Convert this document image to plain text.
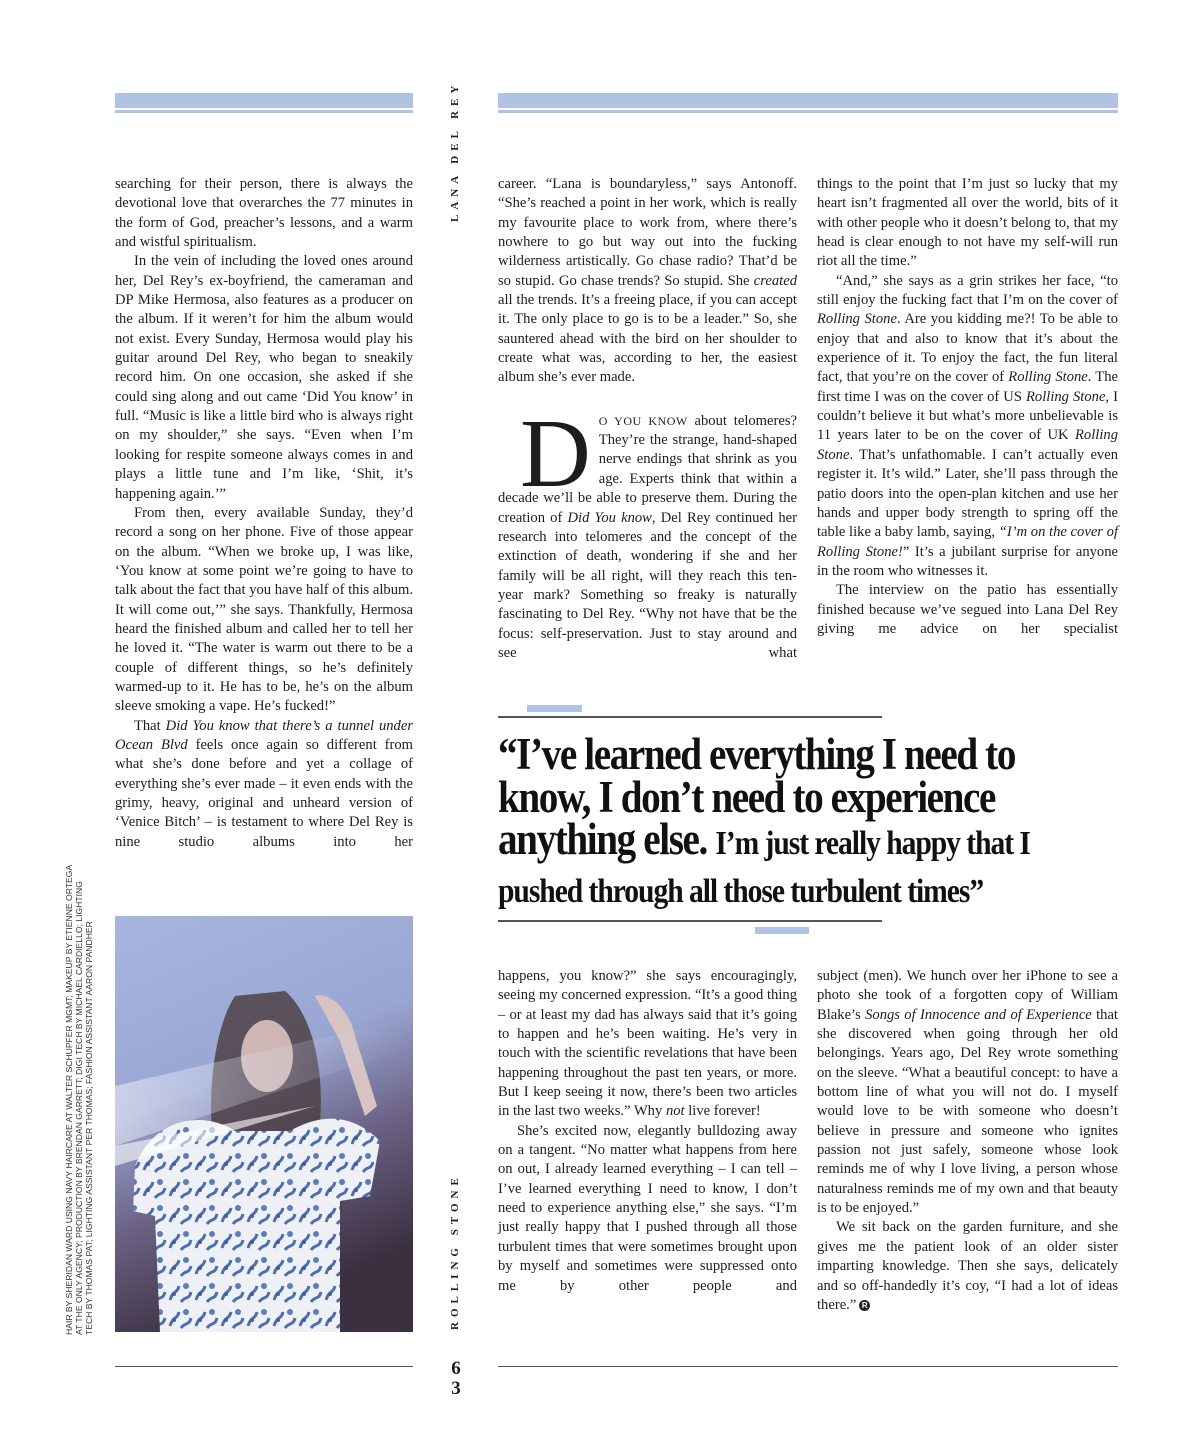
LANA DEL REY
ROLLING STONE

searching for their person, there is always the devotional love that overarches the 77 minutes in the form of God, preacher’s lessons, and a warm and wistful spiritualism.

In the vein of including the loved ones around her, Del Rey’s ex-boyfriend, the cameraman and DP Mike Hermosa, also features as a producer on the album. If it weren’t for him the album would not exist. Every Sunday, Hermosa would play his guitar around Del Rey, who began to sneakily record him. On one occasion, she asked if she could sing along and out came ‘Did You know’ in full. “Music is like a little bird who is always right on my shoulder,” she says. “Even when I’m looking for respite someone always comes in and plays a little tune and I’m like, ‘Shit, it’s happening again.’”

From then, every available Sunday, they’d record a song on her phone. Five of those appear on the album. “When we broke up, I was like, ‘You know at some point we’re going to have to talk about the fact that you have half of this album. It will come out,’” she says. Thankfully, Hermosa heard the finished album and called her to tell her he loved it. “The water is warm out there to be a couple of different things, so he’s definitely warmed-up to it. He has to be, he’s on the album sleeve smoking a vape. He’s fucked!”

That Did You know that there’s a tunnel under Ocean Blvd feels once again so different from what she’s done before and yet a collage of everything she’s ever made – it even ends with the grimy, heavy, original and unheard version of ‘Venice Bitch’ – is testament to where Del Rey is nine studio albums into her

HAIR BY SHERIDAN WARD USING NAVY HAIRCARE AT WALTER SCHUPFER MGMT; MAKEUP BY ETIENNE ORTEGA AT THE ONLY AGENCY; PRODUCTION BY BRENDAN GARRETT; DIGI TECH BY MICHAEL CARDIELLO; LIGHTING TECH BY THOMAS PAT; LIGHTING ASSISTANT PER THOMAS; FASHION ASSISTANT AARON PANDHER

career. “Lana is boundaryless,” says Antonoff. “She’s reached a point in her work, which is really my favourite place to work from, where there’s nowhere to go but way out into the fucking wilderness artistically. Go chase radio? That’d be so stupid. Go chase trends? So stupid. She created all the trends. It’s a freeing place, if you can accept it. The only place to go is to be a leader.” So, she sauntered ahead with the bird on her shoulder to create what was, according to her, the easiest album she’s ever made.

D O YOU KNOW about telomeres? They’re the strange, hand-shaped nerve endings that shrink as you age. Experts think that within a decade we’ll be able to preserve them. During the creation of Did You know, Del Rey continued her research into telomeres and the concept of the extinction of death, wondering if she and her family will be all right, will they reach this ten-year mark? Something so freaky is naturally fascinating to Del Rey. “Why not have that be the focus: self-preservation. Just to stay around and see what

things to the point that I’m just so lucky that my heart isn’t fragmented all over the world, bits of it with other people who it doesn’t belong to, that my head is clear enough to not have my self-will run riot all the time.”

“And,” she says as a grin strikes her face, “to still enjoy the fucking fact that I’m on the cover of Rolling Stone. Are you kidding me?! To be able to enjoy that and also to know that it’s about the experience of it. To enjoy the fact, the fun literal fact, that you’re on the cover of Rolling Stone. The first time I was on the cover of US Rolling Stone, I couldn’t believe it but what’s more unbelievable is 11 years later to be on the cover of UK Rolling Stone. That’s unfathomable. I can’t actually even register it. It’s wild.” Later, she’ll pass through the patio doors into the open-plan kitchen and use her hands and upper body strength to spring off the table like a baby lamb, saying, “I’m on the cover of Rolling Stone!” It’s a jubilant surprise for anyone in the room who witnesses it.

The interview on the patio has essentially finished because we’ve segued into Lana Del Rey giving me advice on her specialist

“I’ve learned everything I need to know, I don’t need to experience anything else. I’m just really happy that I pushed through all those turbulent times”

happens, you know?” she says encouragingly, seeing my concerned expression. “It’s a good thing – or at least my dad has always said that it’s going to happen and he’s been waiting. He’s very in touch with the scientific revelations that have been happening throughout the past ten years, or more. But I keep seeing it now, there’s been two articles in the last two weeks.” Why not live forever!

She’s excited now, elegantly bulldozing away on a tangent. “No matter what happens from here on out, I already learned everything – I can tell – I’ve learned everything I need to know, I don’t need to experience anything else,” she says. “I’m just really happy that I pushed through all those turbulent times that were sometimes brought upon by myself and sometimes were suppressed onto me by other people and

subject (men). We hunch over her iPhone to see a photo she took of a forgotten copy of William Blake’s Songs of Innocence and of Experience that she discovered when going through her old belongings. Years ago, Del Rey wrote something on the sleeve. “What a beautiful concept: to have a bottom line of what you will not do. I myself would love to be with someone who doesn’t believe in pressure and someone who ignites passion not just safely, someone whose look reminds me of why I love living, a person whose naturalness reminds me of my own and that beauty is to be enjoyed.”

We sit back on the garden furniture, and she gives me the patient look of an older sister imparting knowledge. Then she says, delicately and so off-handedly it’s coy, “I had a lot of ideas there.” R

6
3
